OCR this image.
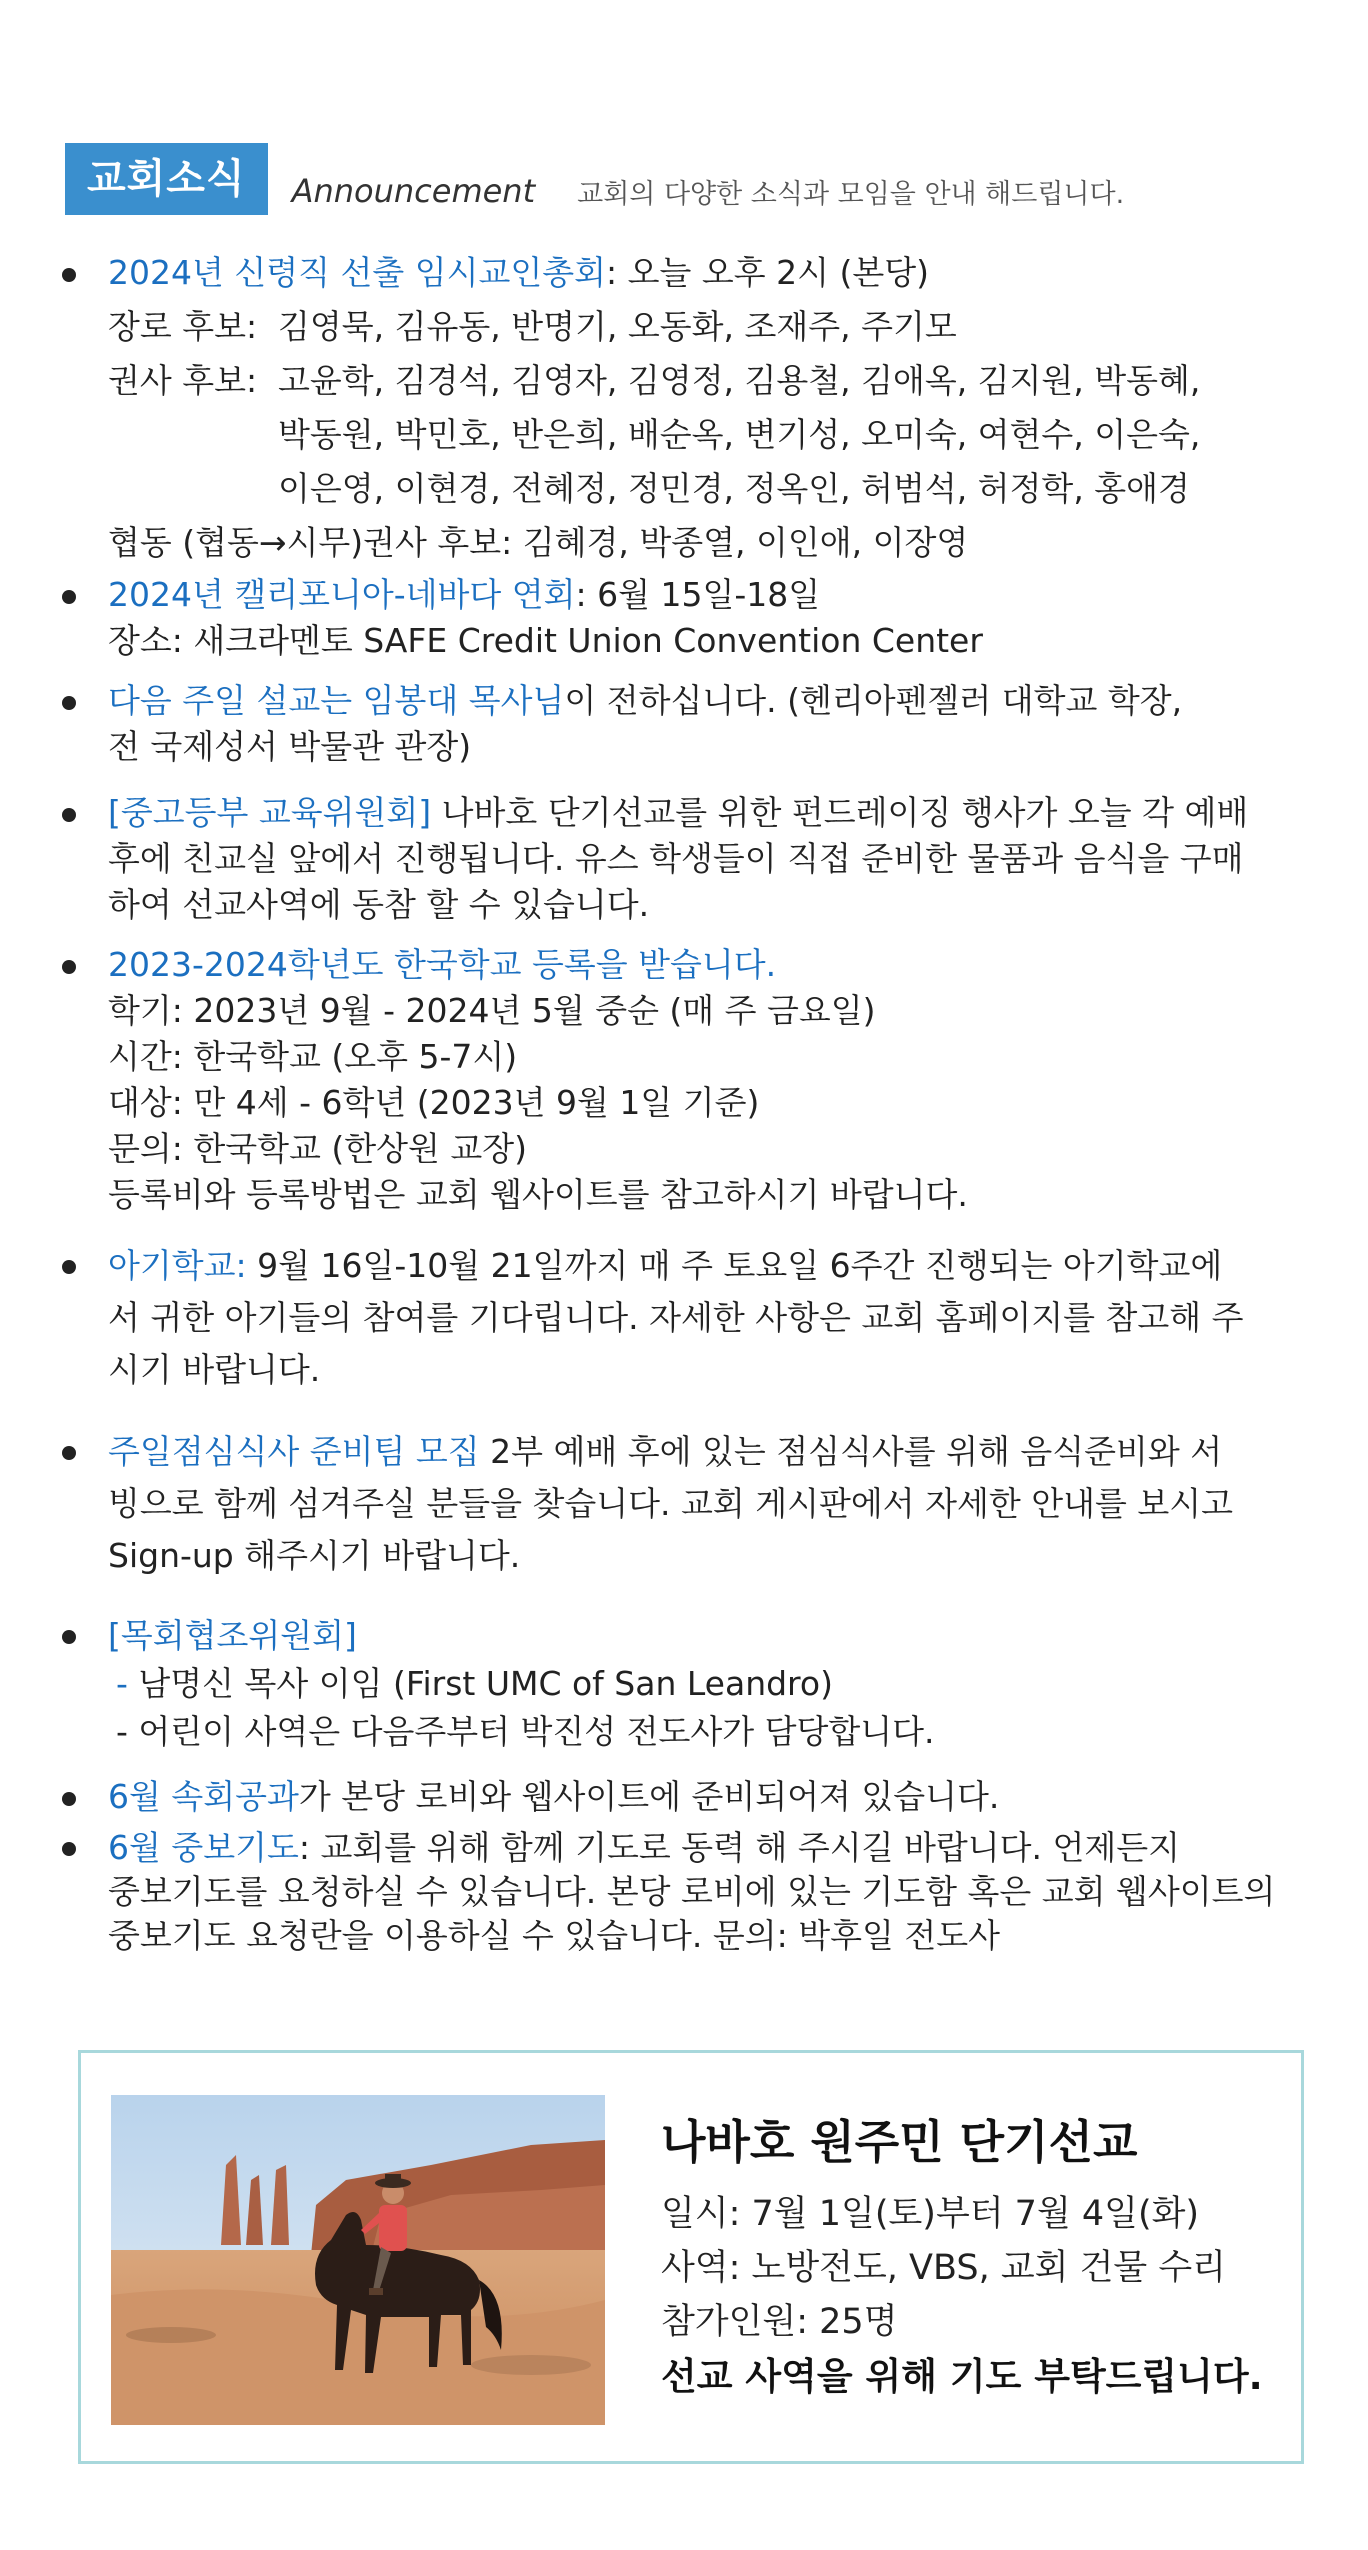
교회소식	Announcement 교회의 다양한 소식과 모임을 안내 해드립니다.
2024년 신령직 선출 임시교인총회: 오늘 오후 2시 (본당)
장로 후보: 김영묵, 김유동, 반명기, 오동화, 조재주, 주기모
권사 후보: 고윤학, 김경석, 김영자, 김영정, 김용철, 김애옥, 김지원, 박동혜,
박동원, 박민호, 반은희, 배순옥, 변기성, 오미숙, 여현수, 이은숙,
이은영, 이현경, 전혜정, 정민경, 정옥인, 허범석, 허정학, 홍애경
협동 (협동→시무)권사 후보: 김혜경, 박종열, 이인애, 이장영
2024년 캘리포니아-네바다 연회: 6월 15일-18일
장소: 새크라멘토 SAFE Credit Union Convention Center
다음 주일 설교는 임봉대 목사님이 전하십니다. (헨리아펜젤러 대학교 학장,
전 국제성서 박물관 관장)
[중고등부 교육위원회] 나바호 단기선교를 위한 펀드레이징 행사가 오늘 각 예배
후에 친교실 앞에서 진행됩니다. 유스 학생들이 직접 준비한 물품과 음식을 구매
하여 선교사역에 동참 할 수 있습니다.
2023-2024학년도 한국학교 등록을 받습니다.
학기: 2023년 9월 - 2024년 5월 중순 (매 주 금요일)
시간: 한국학교 (오후 5-7시)
대상: 만 4세 - 6학년 (2023년 9월 1일 기준)
문의: 한국학교 (한상원 교장)
등록비와 등록방법은 교회 웹사이트를 참고하시기 바랍니다.
아기학교: 9월 16일-10월 21일까지 매 주 토요일 6주간 진행되는 아기학교에
서 귀한 아기들의 참여를 기다립니다. 자세한 사항은 교회 홈페이지를 참고해 주
시기 바랍니다.
주일점심식사 준비팀 모집 2부 예배 후에 있는 점심식사를 위해 음식준비와 서
빙으로 함께 섬겨주실 분들을 찾습니다. 교회 게시판에서 자세한 안내를 보시고
Sign-up 해주시기 바랍니다.
[목회협조위원회]
- 남명신 목사 이임 (First UMC of San Leandro)
- 어린이 사역은 다음주부터 박진성 전도사가 담당합니다.
6월 속회공과가 본당 로비와 웹사이트에 준비되어져 있습니다.
6월 중보기도: 교회를 위해 함께 기도로 동력 해 주시길 바랍니다. 언제든지
중보기도를 요청하실 수 있습니다. 본당 로비에 있는 기도함 혹은 교회 웹사이트의
중보기도 요청란을 이용하실 수 있습니다. 문의: 박후일 전도사
나바호 원주민 단기선교
일시: 7월 1일(토)부터 7월 4일(화)
사역: 노방전도, VBS, 교회 건물 수리
참가인원: 25명
선교 사역을 위해 기도 부탁드립니다.
